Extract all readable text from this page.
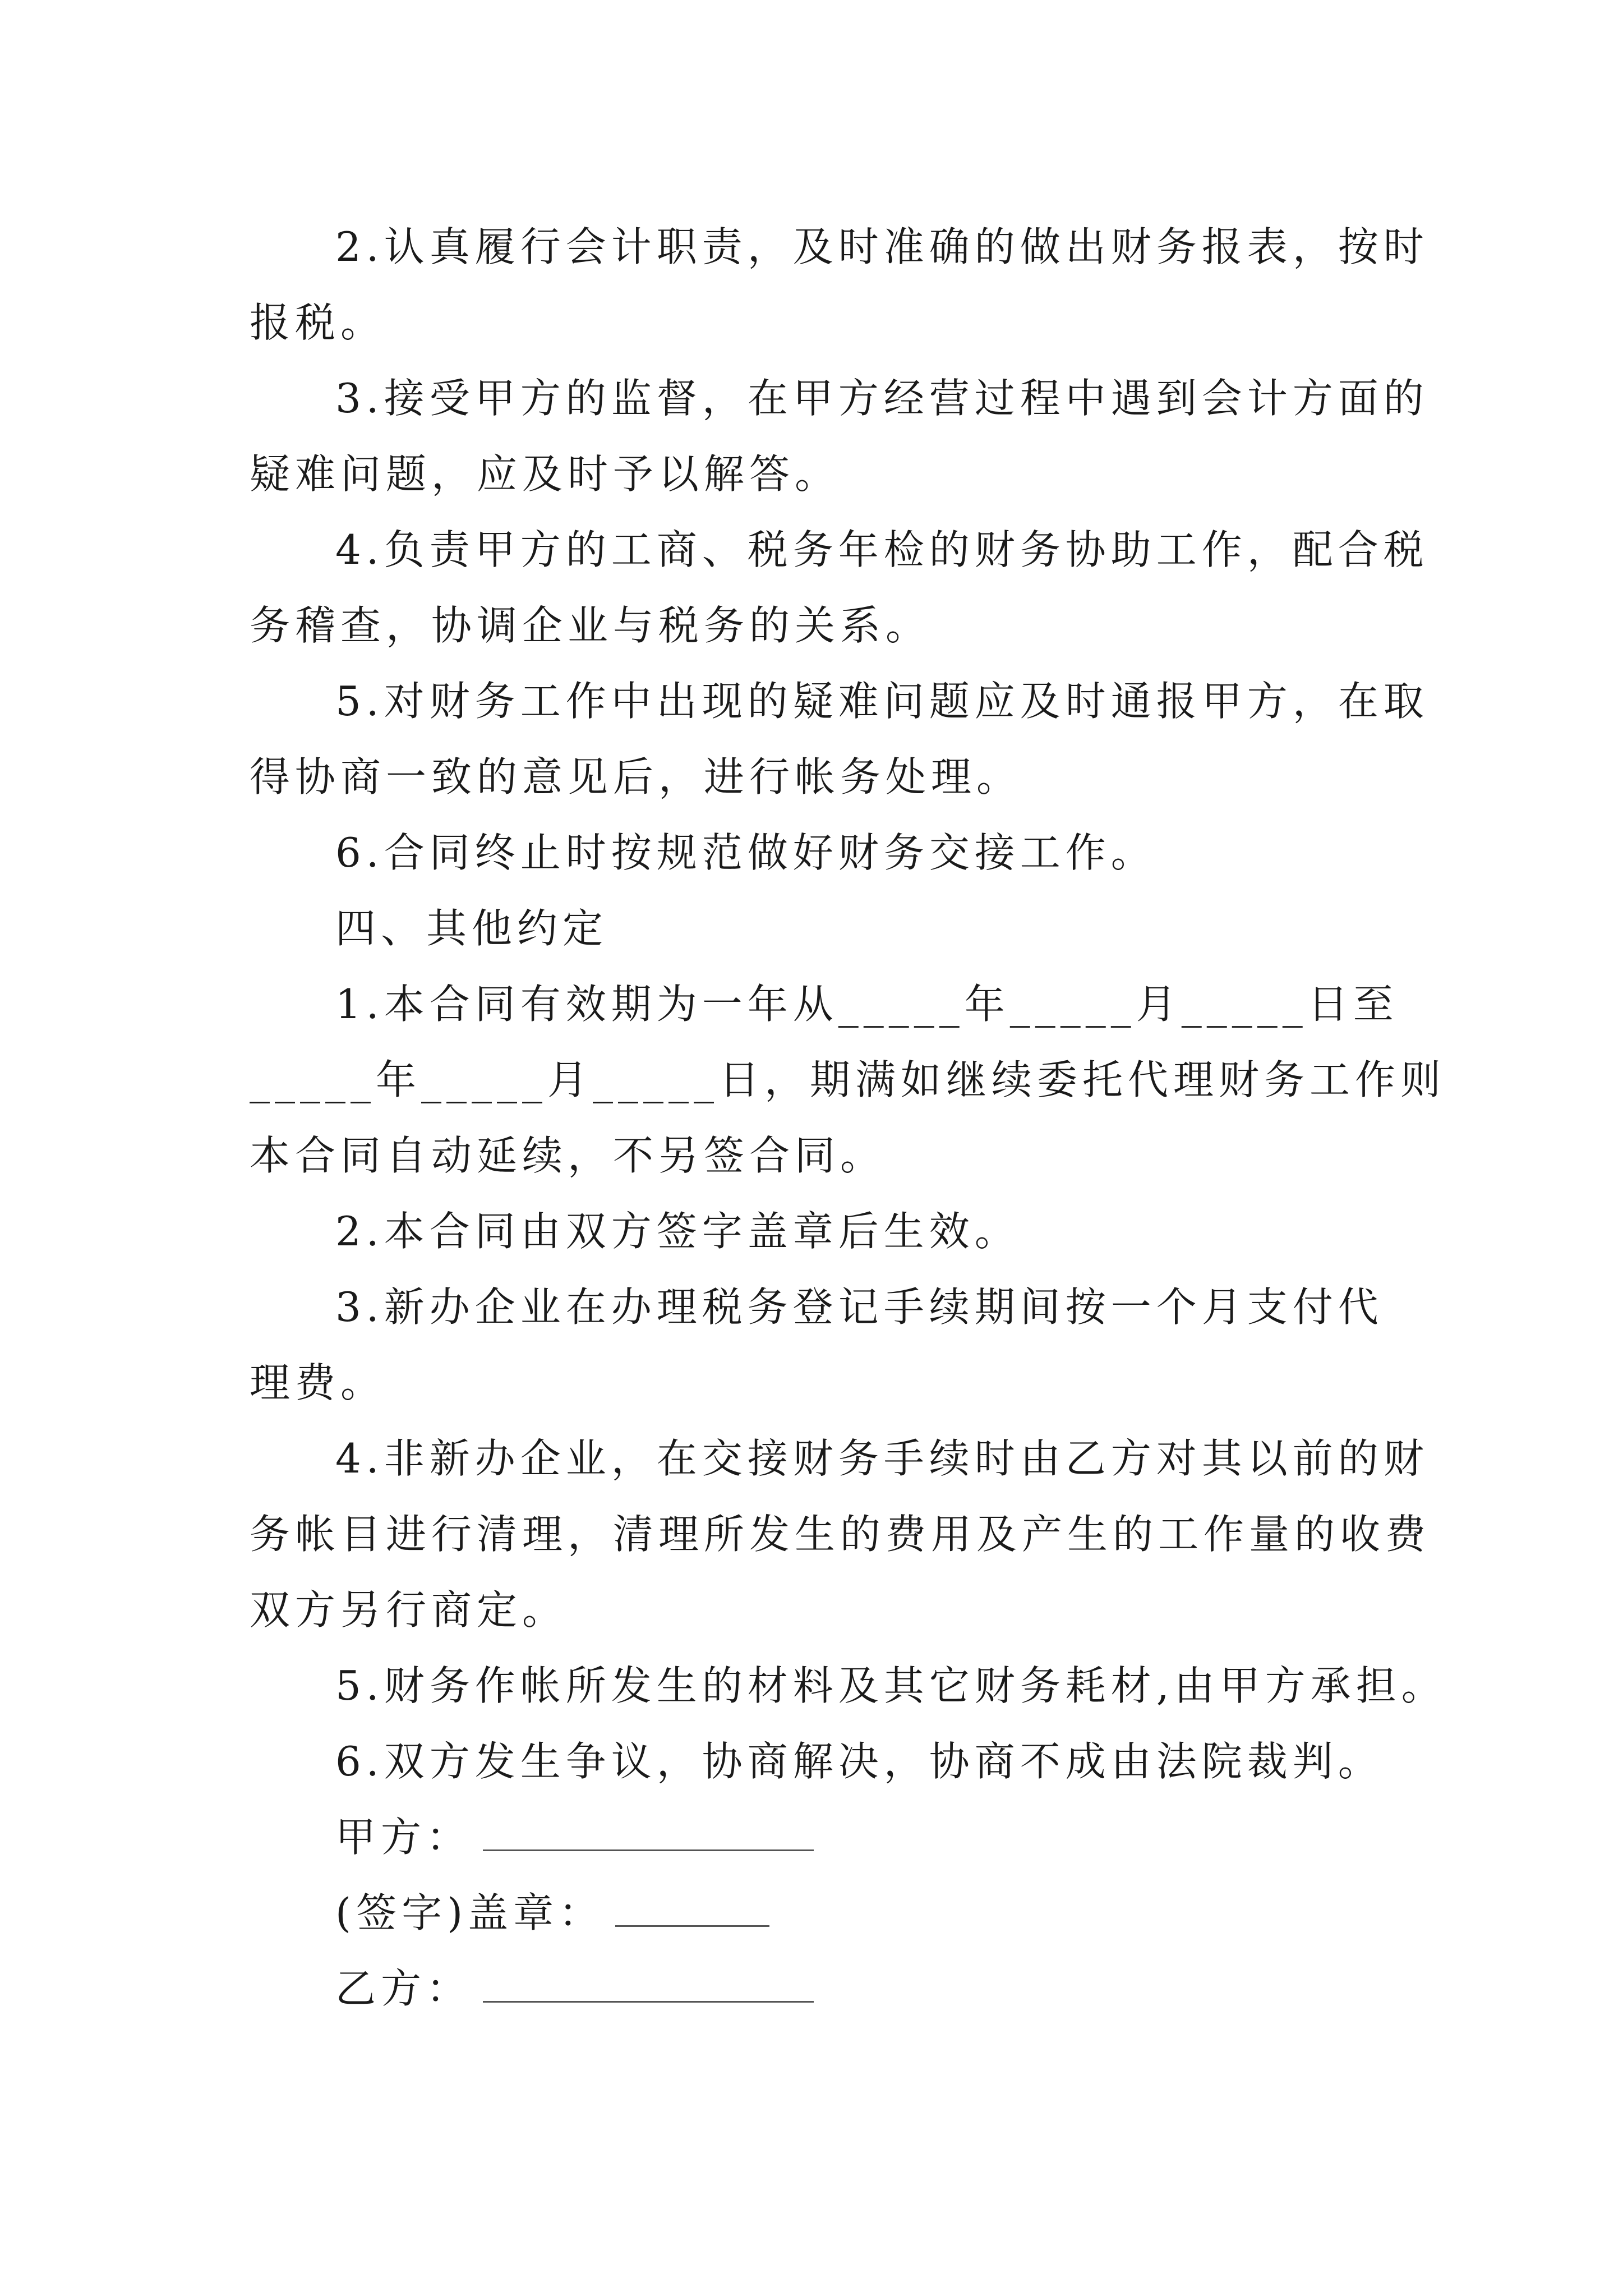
2.认真履行会计职责，及时准确的做出财务报表，按时
报税。
3.接受甲方的监督，在甲方经营过程中遇到会计方面的
疑难问题，应及时予以解答。
4.负责甲方的工商、税务年检的财务协助工作，配合税
务稽查，协调企业与税务的关系。
5.对财务工作中出现的疑难问题应及时通报甲方，在取
得协商一致的意见后，进行帐务处理。
6.合同终止时按规范做好财务交接工作。
四、其他约定
1.本合同有效期为一年从_____年_____月_____日至
_____年_____月_____日，期满如继续委托代理财务工作则
本合同自动延续，不另签合同。
2.本合同由双方签字盖章后生效。
3.新办企业在办理税务登记手续期间按一个月支付代
理费。
4.非新办企业，在交接财务手续时由乙方对其以前的财
务帐目进行清理，清理所发生的费用及产生的工作量的收费
双方另行商定。
5.财务作帐所发生的材料及其它财务耗材,由甲方承担。
6.双方发生争议，协商解决，协商不成由法院裁判。
甲方：
(签字)盖章：
乙方：
